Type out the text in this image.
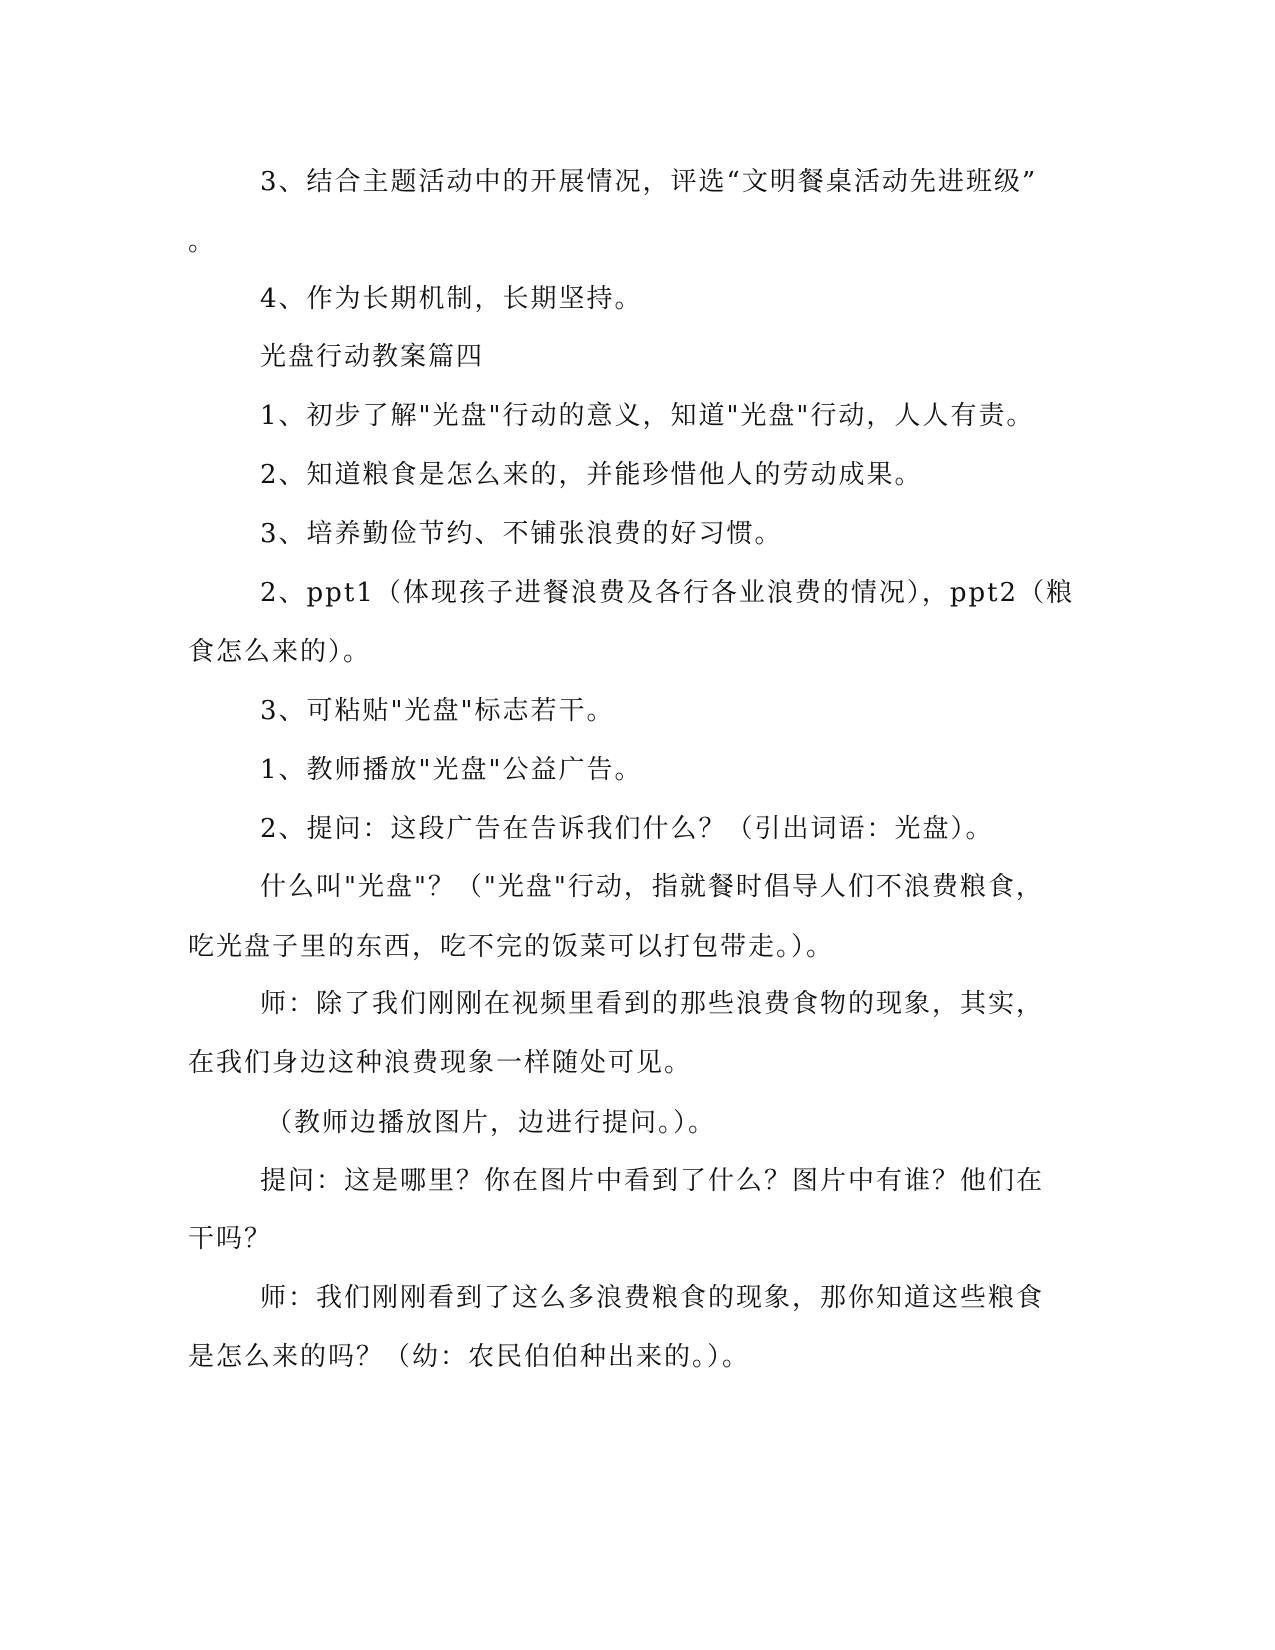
3、结合主题活动中的开展情况，评选“文明餐桌活动先进班级”
。
4、作为长期机制，长期坚持。
光盘行动教案篇四
1、初步了解"光盘"行动的意义，知道"光盘"行动，人人有责。
2、知道粮食是怎么来的，并能珍惜他人的劳动成果。
3、培养勤俭节约、不铺张浪费的好习惯。
2、ppt1（体现孩子进餐浪费及各行各业浪费的情况），ppt2（粮
食怎么来的）。
3、可粘贴"光盘"标志若干。
1、教师播放"光盘"公益广告。
2、提问：这段广告在告诉我们什么？（引出词语：光盘）。
什么叫"光盘"？（"光盘"行动，指就餐时倡导人们不浪费粮食，
吃光盘子里的东西，吃不完的饭菜可以打包带走。）。
师：除了我们刚刚在视频里看到的那些浪费食物的现象，其实，
在我们身边这种浪费现象一样随处可见。
（教师边播放图片，边进行提问。）。
提问：这是哪里？你在图片中看到了什么？图片中有谁？他们在
干吗？
师：我们刚刚看到了这么多浪费粮食的现象，那你知道这些粮食
是怎么来的吗？（幼：农民伯伯种出来的。）。
